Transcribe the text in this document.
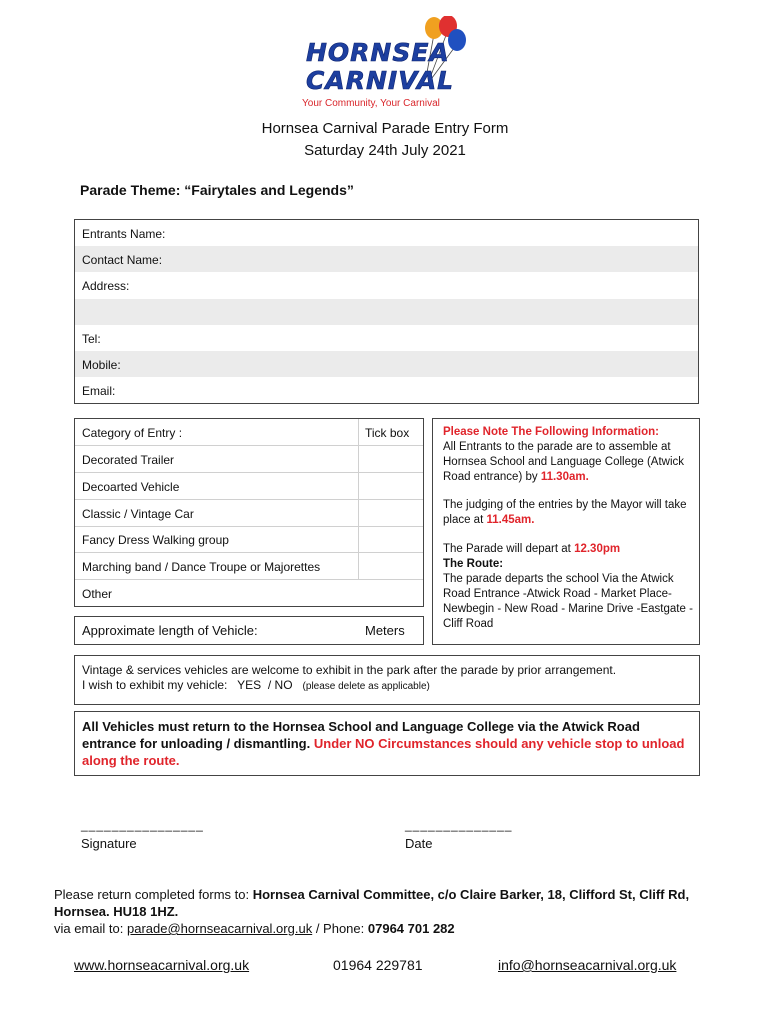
HORNSEA
CARNIVAL
Your Community, Your Carnival
Hornsea Carnival Parade Entry Form
Saturday 24th July 2021
Parade Theme: “Fairytales and Legends”
Entrants Name:
Contact Name:
Address:
Tel:
Mobile:
Email:
Category of Entry :	Tick box
Decorated Trailer
Decoarted Vehicle
Classic / Vintage Car
Fancy Dress Walking group
Marching band / Dance Troupe or Majorettes
Other
Approximate length of Vehicle:	Meters

Please Note The Following Information:

All Entrants to the parade are to assemble at Hornsea School and Language College (Atwick Road entrance) by 11.30am.

The judging of the entries by the Mayor will take place at 11.45am.

The Parade will depart at 12.30pm

The Route:

The parade departs the school Via the Atwick Road Entrance -Atwick Road - Market Place- Newbegin - New Road - Marine Drive -Eastgate - Cliff Road

Vintage & services vehicles are welcome to exhibit in the park after the parade by prior arrangement.
I wish to exhibit my vehicle:   YES  / NO (please delete as applicable)
All Vehicles must return to the Hornsea School and Language College via the Atwick Road entrance for unloading / dismantling. Under NO Circumstances should any vehicle stop to unload along the route.
________________	______________
Signature	Date
Please return completed forms to: Hornsea Carnival Committee, c/o Claire Barker, 18, Clifford St, Cliff Rd, Hornsea. HU18 1HZ.
via email to: parade@hornseacarnival.org.uk / Phone: 07964 701 282
www.hornseacarnival.org.uk	01964 229781	info@hornseacarnival.org.uk
